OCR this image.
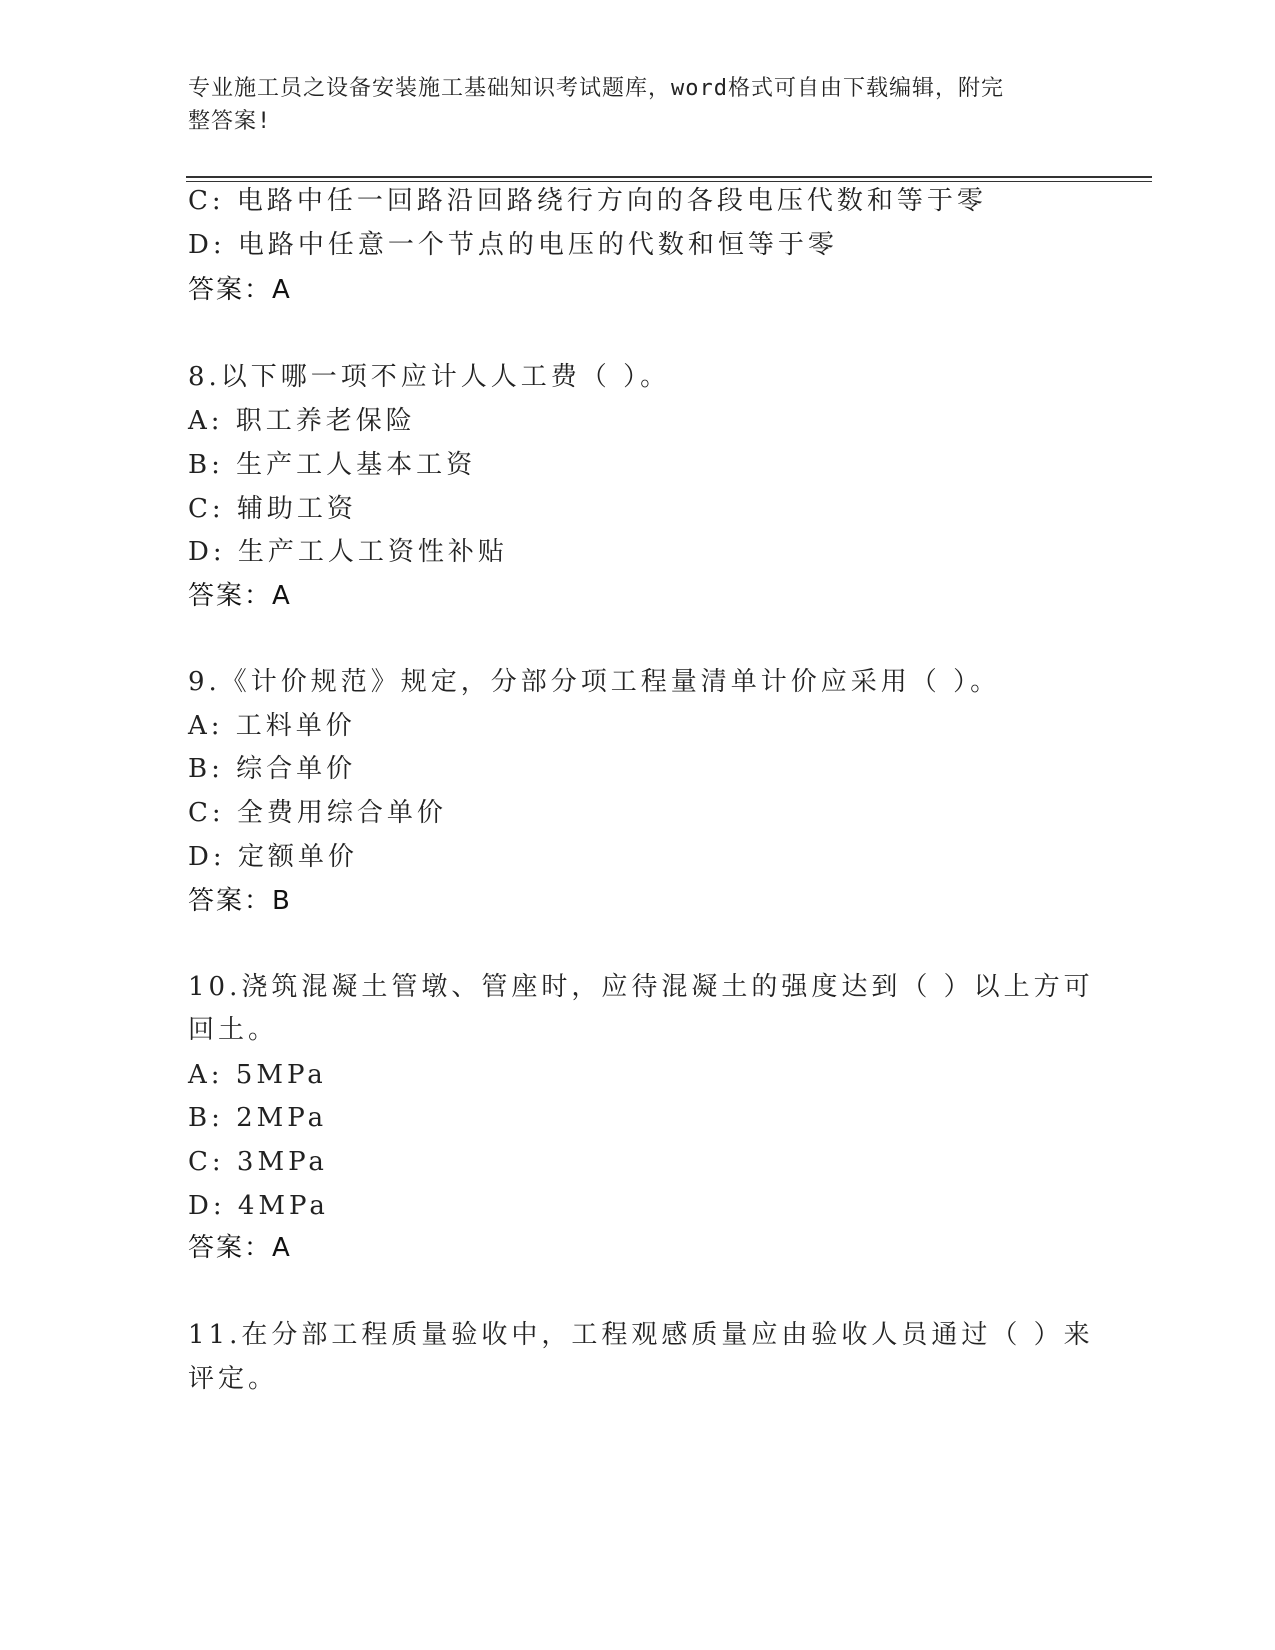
专业施工员之设备安装施工基础知识考试题库，word格式可自由下载编辑，附完
整答案!
C: 电路中任一回路沿回路绕行方向的各段电压代数和等于零
D: 电路中任意一个节点的电压的代数和恒等于零
答案：A
8.以下哪一项不应计人人工费（ ）。
A: 职工养老保险
B: 生产工人基本工资
C: 辅助工资
D: 生产工人工资性补贴
答案：A
9.《计价规范》规定，分部分项工程量清单计价应采用（ ）。
A: 工料单价
B: 综合单价
C: 全费用综合单价
D: 定额单价
答案：B
10.浇筑混凝土管墩、管座时，应待混凝土的强度达到（ ）以上方可
回土。
A: 5MPa
B: 2MPa
C: 3MPa
D: 4MPa
答案：A
11.在分部工程质量验收中，工程观感质量应由验收人员通过（ ）来
评定。
